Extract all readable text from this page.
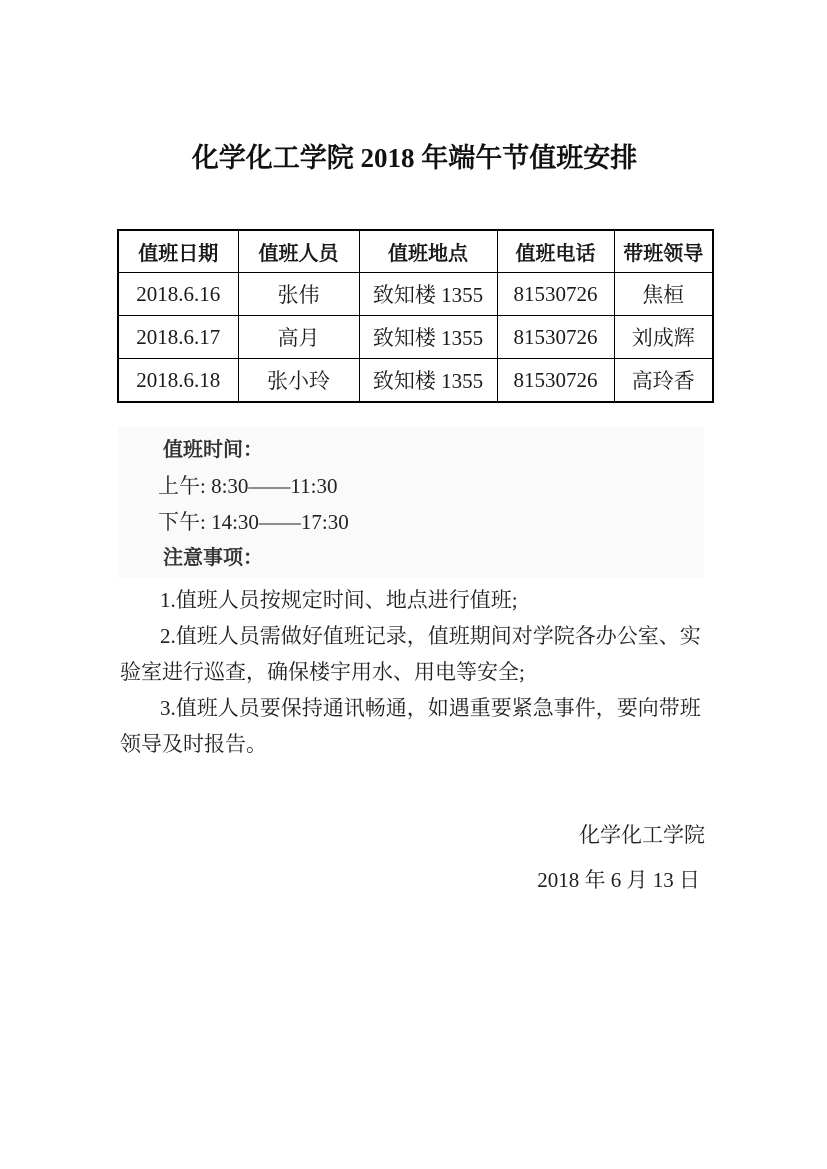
化学化工学院 2018 年端午节值班安排
值班日期	值班人员	值班地点	值班电话	带班领导
2018.6.16	张伟	致知楼 1355	81530726	焦桓
2018.6.17	高月	致知楼 1355	81530726	刘成辉
2018.6.18	张小玲	致知楼 1355	81530726	高玲香
值班时间：
上午: 8:30——11:30
下午: 14:30——17:30
注意事项：
1.值班人员按规定时间、地点进行值班;
2.值班人员需做好值班记录，值班期间对学院各办公室、实
验室进行巡查，确保楼宇用水、用电等安全;
3.值班人员要保持通讯畅通，如遇重要紧急事件，要向带班
领导及时报告。
化学化工学院
2018 年 6 月 13 日
